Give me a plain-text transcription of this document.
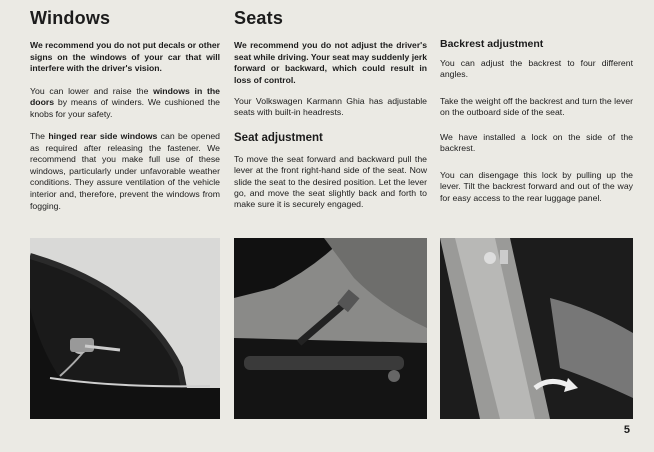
Windows

We recommend you do not put decals or other signs on the windows of your car that will interfere with the driver's vision.

You can lower and raise the windows in the doors by means of winders. We cushioned the knobs for your safety.

The hinged rear side windows can be opened as required after releasing the fastener. We recommend that you make full use of these windows, particularly under unfavorable weather conditions. They assure ventilation of the vehicle interior and, therefore, prevent the windows from fogging.

Seats

We recommend you do not adjust the driver's seat while driving. Your seat may suddenly jerk forward or backward, which could result in loss of control.

Your Volkswagen Karmann Ghia has adjustable seats with built-in headrests.

Seat adjustment

To move the seat forward and backward pull the lever at the front right-hand side of the seat. Now slide the seat to the desired position. Let the lever go, and move the seat slightly back and forth to make sure it is securely engaged.

Backrest adjustment

You can adjust the backrest to four different angles.

Take the weight off the backrest and turn the lever on the outboard side of the seat.

We have installed a lock on the side of the backrest.

You can disengage this lock by pulling up the lever. Tilt the backrest forward and out of the way for easy access to the rear luggage panel.

5
